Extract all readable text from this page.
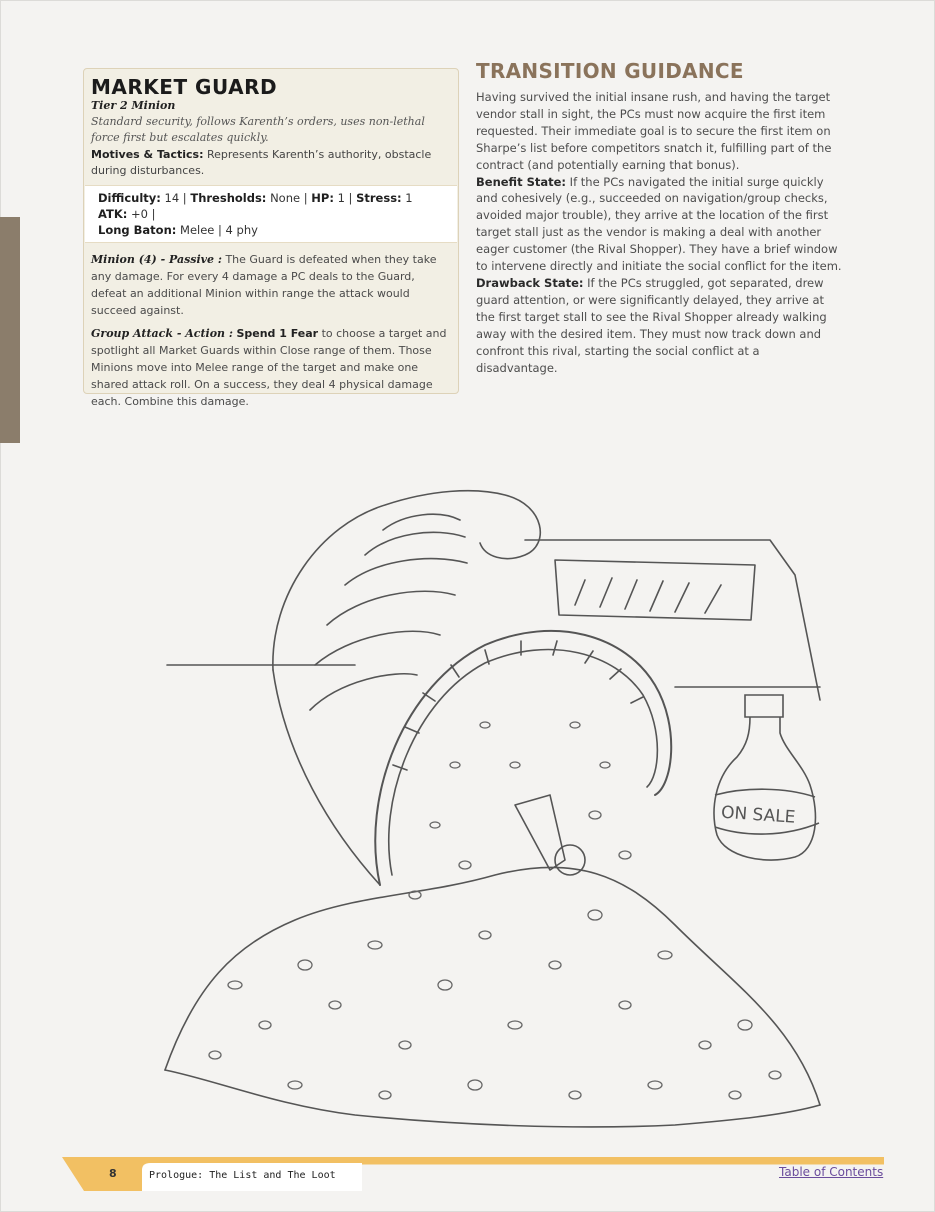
MARKET GUARD
Tier 2 Minion
Standard security, follows Karenth’s orders, uses non-lethal force first but escalates quickly.
Motives & Tactics: Represents Karenth’s authority, obstacle during disturbances.
Difficulty: 14 | Thresholds: None | HP: 1 | Stress: 1 ATK: +0 |
Long Baton: Melee | 4 phy
Minion (4) - Passive : The Guard is defeated when they take any damage. For every 4 damage a PC deals to the Guard, defeat an additional Minion within range the attack would succeed against.
Group Attack - Action : Spend 1 Fear to choose a target and spotlight all Market Guards within Close range of them. Those Minions move into Melee range of the target and make one shared attack roll. On a success, they deal 4 physical damage each. Combine this damage.
TRANSITION GUIDANCE

Having survived the initial insane rush, and having the target vendor stall in sight, the PCs must now acquire the first item requested. Their immediate goal is to secure the first item on Sharpe’s list before competitors snatch it, fulfilling part of the contract (and potentially earning that bonus).

Benefit State: If the PCs navigated the initial surge quickly and cohesively (e.g., succeeded on navigation/group checks, avoided major trouble), they arrive at the location of the first target stall just as the vendor is making a deal with another eager customer (the Rival Shopper). They have a brief window to intervene directly and initiate the social conflict for the item.

Drawback State: If the PCs struggled, got separated, drew guard attention, or were significantly delayed, they arrive at the first target stall to see the Rival Shopper already walking away with the desired item. They must now track down and confront this rival, starting the social conflict at a disadvantage.

ON SALE
8	Prologue: The List and The Loot	Table of Contents
